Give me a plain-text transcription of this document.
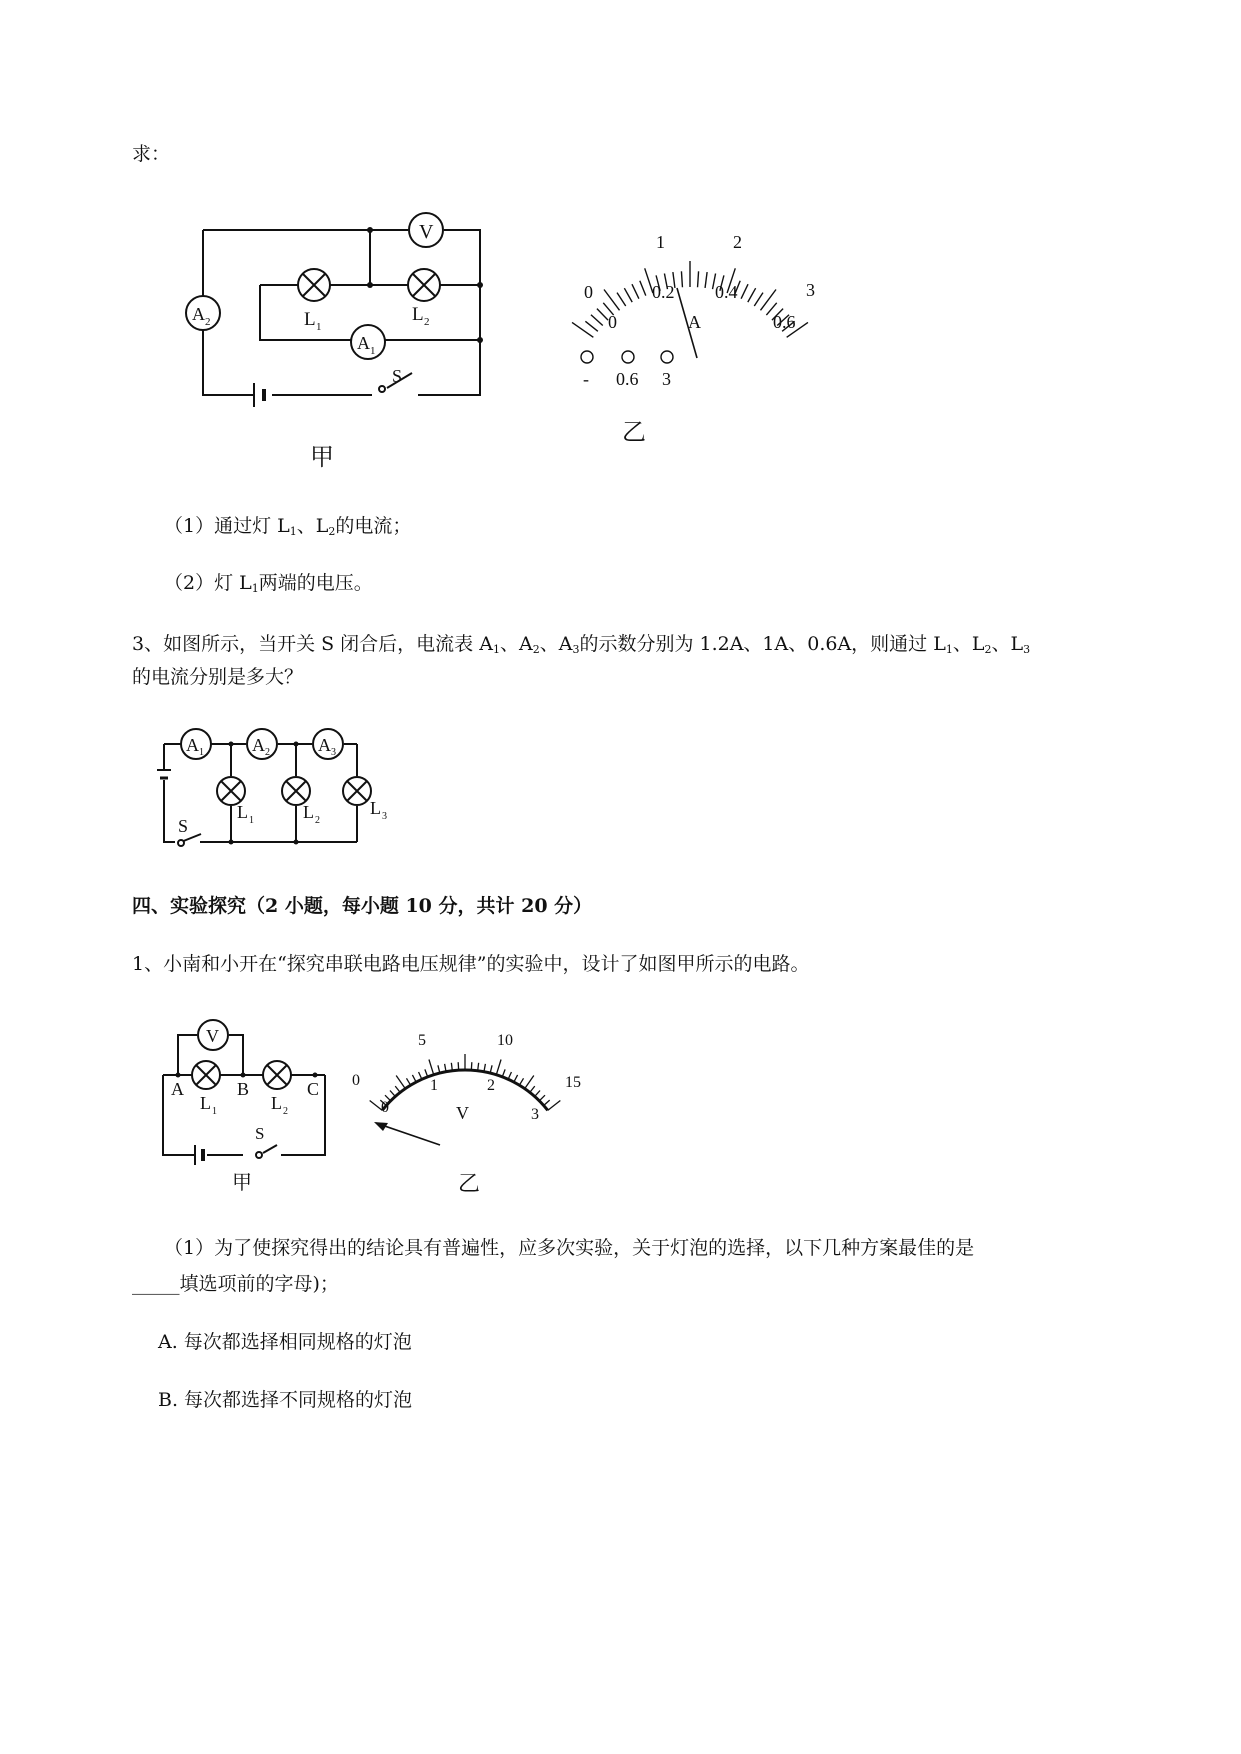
求：
V
A 2
A 1
L 1
L 2
S
甲
0
1	2
3
0
0.2 0.4
0.6
A
- 0.6 3
乙
（1）通过灯 $L_1$、$L_2$的电流；
（2）灯 $L_1$两端的电压。
3、如图所示，当开关 S 闭合后，电流表 $A_1$、$A_2$、$A_3$的示数分别为 1.2A、1A、0.6A，则通过 $L_1$、$L_2$、$L_3$
的电流分别是多大？
A 1	A 2	A 3
L 1	L 2
L 3
S
四、实验探究（2 小题，每小题 10 分，共计 20 分）
1、小南和小开在“探究串联电路电压规律”的实验中，设计了如图甲所示的电路。
V
A	B	C
L 1	L 2
S
甲
0
5	10
15
0
1	2
3
V
乙
（1）为了使探究得出的结论具有普遍性，应多次实验，关于灯泡的选择，以下几种方案最佳的是
_____填选项前的字母)；
A. 每次都选择相同规格的灯泡
B. 每次都选择不同规格的灯泡
